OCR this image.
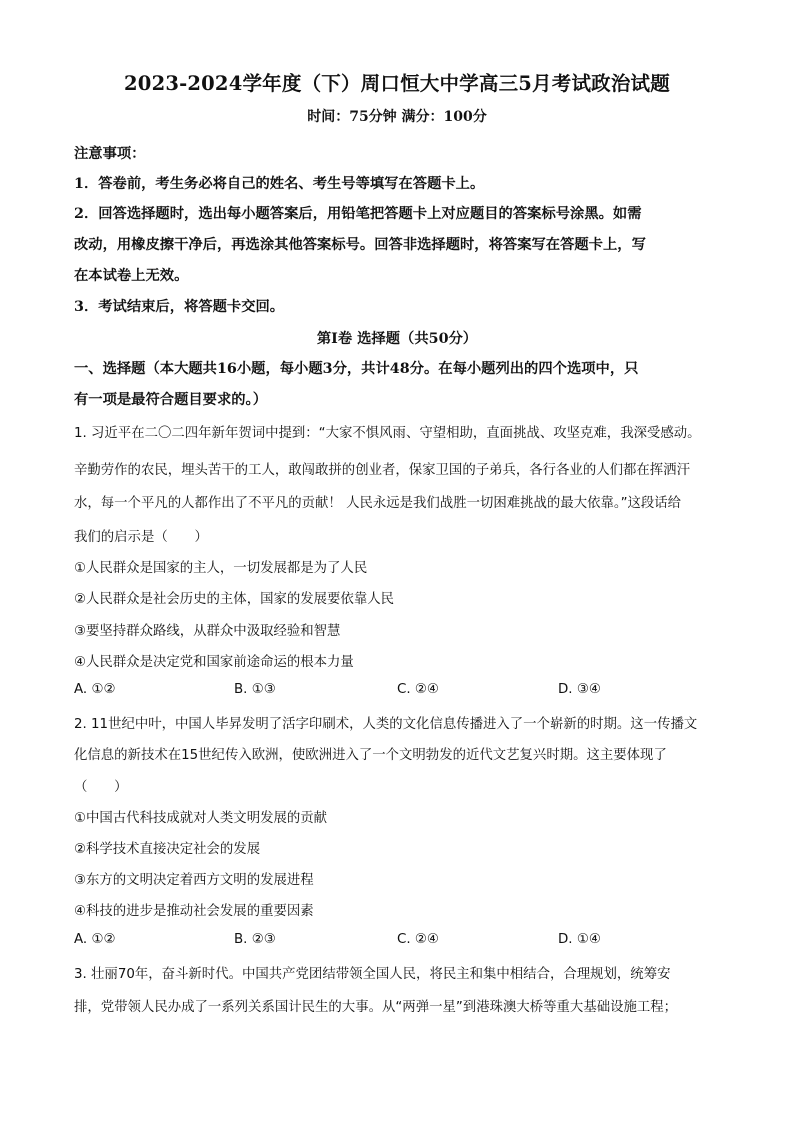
2023-2024学年度（下）周口恒大中学高三5月考试政治试题
时间：75分钟 满分：100分
注意事项：
1．答卷前，考生务必将自己的姓名、考生号等填写在答题卡上。
2．回答选择题时，选出每小题答案后，用铅笔把答题卡上对应题目的答案标号涂黑。如需
改动，用橡皮擦干净后，再选涂其他答案标号。回答非选择题时，将答案写在答题卡上，写
在本试卷上无效。
3．考试结束后，将答题卡交回。
第Ⅰ卷 选择题（共50分）
一、选择题（本大题共16小题，每小题3分，共计48分。在每小题列出的四个选项中，只
有一项是最符合题目要求的。）
1. 习近平在二〇二四年新年贺词中提到：“大家不惧风雨、守望相助，直面挑战、攻坚克难，我深受感动。
辛勤劳作的农民，埋头苦干的工人，敢闯敢拼的创业者，保家卫国的子弟兵，各行各业的人们都在挥洒汗
水，每一个平凡的人都作出了不平凡的贡献！ 人民永远是我们战胜一切困难挑战的最大依靠。”这段话给
我们的启示是（　　）
①人民群众是国家的主人，一切发展都是为了人民
②人民群众是社会历史的主体，国家的发展要依靠人民
③要坚持群众路线，从群众中汲取经验和智慧
④人民群众是决定党和国家前途命运的根本力量
A. ①②	B. ①③	C. ②④	D. ③④
2. 11世纪中叶，中国人毕昇发明了活字印刷术，人类的文化信息传播进入了一个崭新的时期。这一传播文
化信息的新技术在15世纪传入欧洲，使欧洲进入了一个文明勃发的近代文艺复兴时期。这主要体现了
（　　）
①中国古代科技成就对人类文明发展的贡献
②科学技术直接决定社会的发展
③东方的文明决定着西方文明的发展进程
④科技的进步是推动社会发展的重要因素
A. ①②	B. ②③	C. ②④	D. ①④
3. 壮丽70年，奋斗新时代。中国共产党团结带领全国人民，将民主和集中相结合，合理规划，统筹安
排，党带领人民办成了一系列关系国计民生的大事。从“两弹一星”到港珠澳大桥等重大基础设施工程；
